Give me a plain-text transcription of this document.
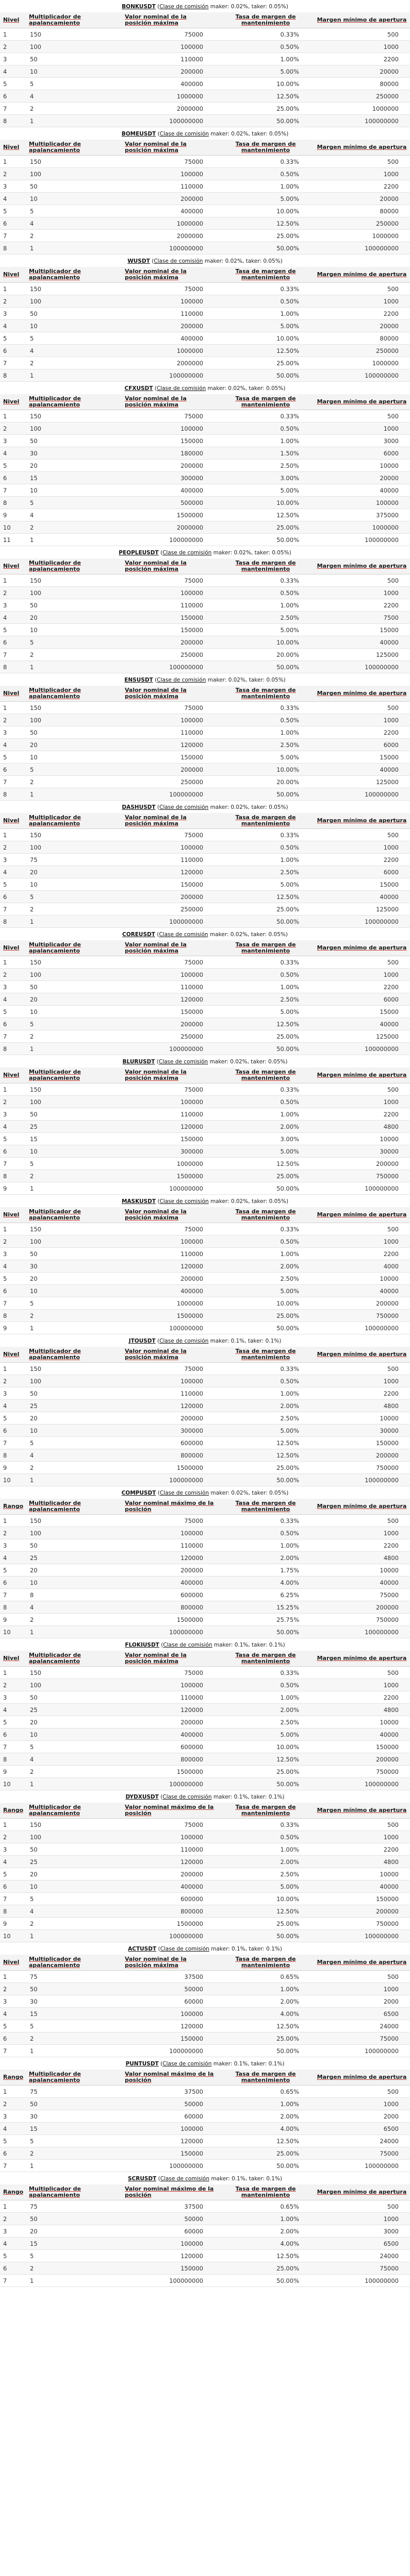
BONKUSDT (Clase de comisión maker: 0.02%, taker: 0.05%)
Nivel	Multiplicador de apalancamiento	Valor nominal de la posición máxima	Tasa de margen de mantenimiento	Margen mínimo de apertura
1	150	75000	0.33%	500
2	100	100000	0.50%	1000
3	50	110000	1.00%	2200
4	10	200000	5.00%	20000
5	5	400000	10.00%	80000
6	4	1000000	12.50%	250000
7	2	2000000	25.00%	1000000
8	1	100000000	50.00%	100000000
BOMEUSDT (Clase de comisión maker: 0.02%, taker: 0.05%)
Nivel	Multiplicador de apalancamiento	Valor nominal de la posición máxima	Tasa de margen de mantenimiento	Margen mínimo de apertura
1	150	75000	0.33%	500
2	100	100000	0.50%	1000
3	50	110000	1.00%	2200
4	10	200000	5.00%	20000
5	5	400000	10.00%	80000
6	4	1000000	12.50%	250000
7	2	2000000	25.00%	1000000
8	1	100000000	50.00%	100000000
WUSDT (Clase de comisión maker: 0.02%, taker: 0.05%)
Nivel	Multiplicador de apalancamiento	Valor nominal de la posición máxima	Tasa de margen de mantenimiento	Margen mínimo de apertura
1	150	75000	0.33%	500
2	100	100000	0.50%	1000
3	50	110000	1.00%	2200
4	10	200000	5.00%	20000
5	5	400000	10.00%	80000
6	4	1000000	12.50%	250000
7	2	2000000	25.00%	1000000
8	1	100000000	50.00%	100000000
CFXUSDT (Clase de comisión maker: 0.02%, taker: 0.05%)
Nivel	Multiplicador de apalancamiento	Valor nominal de la posición máxima	Tasa de margen de mantenimiento	Margen mínimo de apertura
1	150	75000	0.33%	500
2	100	100000	0.50%	1000
3	50	150000	1.00%	3000
4	30	180000	1.50%	6000
5	20	200000	2.50%	10000
6	15	300000	3.00%	20000
7	10	400000	5.00%	40000
8	5	500000	10.00%	100000
9	4	1500000	12.50%	375000
10	2	2000000	25.00%	1000000
11	1	100000000	50.00%	100000000
PEOPLEUSDT (Clase de comisión maker: 0.02%, taker: 0.05%)
Nivel	Multiplicador de apalancamiento	Valor nominal de la posición máxima	Tasa de margen de mantenimiento	Margen mínimo de apertura
1	150	75000	0.33%	500
2	100	100000	0.50%	1000
3	50	110000	1.00%	2200
4	20	150000	2.50%	7500
5	10	150000	5.00%	15000
6	5	200000	10.00%	40000
7	2	250000	20.00%	125000
8	1	100000000	50.00%	100000000
ENSUSDT (Clase de comisión maker: 0.02%, taker: 0.05%)
Nivel	Multiplicador de apalancamiento	Valor nominal de la posición máxima	Tasa de margen de mantenimiento	Margen mínimo de apertura
1	150	75000	0.33%	500
2	100	100000	0.50%	1000
3	50	110000	1.00%	2200
4	20	120000	2.50%	6000
5	10	150000	5.00%	15000
6	5	200000	10.00%	40000
7	2	250000	20.00%	125000
8	1	100000000	50.00%	100000000
DASHUSDT (Clase de comisión maker: 0.02%, taker: 0.05%)
Nivel	Multiplicador de apalancamiento	Valor nominal de la posición máxima	Tasa de margen de mantenimiento	Margen mínimo de apertura
1	150	75000	0.33%	500
2	100	100000	0.50%	1000
3	75	110000	1.00%	2200
4	20	120000	2.50%	6000
5	10	150000	5.00%	15000
6	5	200000	12.50%	40000
7	2	250000	25.00%	125000
8	1	100000000	50.00%	100000000
COREUSDT (Clase de comisión maker: 0.02%, taker: 0.05%)
Nivel	Multiplicador de apalancamiento	Valor nominal de la posición máxima	Tasa de margen de mantenimiento	Margen mínimo de apertura
1	150	75000	0.33%	500
2	100	100000	0.50%	1000
3	50	110000	1.00%	2200
4	20	120000	2.50%	6000
5	10	150000	5.00%	15000
6	5	200000	12.50%	40000
7	2	250000	25.00%	125000
8	1	100000000	50.00%	100000000
BLURUSDT (Clase de comisión maker: 0.02%, taker: 0.05%)
Nivel	Multiplicador de apalancamiento	Valor nominal de la posición máxima	Tasa de margen de mantenimiento	Margen mínimo de apertura
1	150	75000	0.33%	500
2	100	100000	0.50%	1000
3	50	110000	1.00%	2200
4	25	120000	2.00%	4800
5	15	150000	3.00%	10000
6	10	300000	5.00%	30000
7	5	1000000	12.50%	200000
8	2	1500000	25.00%	750000
9	1	100000000	50.00%	100000000
MASKUSDT (Clase de comisión maker: 0.02%, taker: 0.05%)
Nivel	Multiplicador de apalancamiento	Valor nominal de la posición máxima	Tasa de margen de mantenimiento	Margen mínimo de apertura
1	150	75000	0.33%	500
2	100	100000	0.50%	1000
3	50	110000	1.00%	2200
4	30	120000	2.00%	4000
5	20	200000	2.50%	10000
6	10	400000	5.00%	40000
7	5	1000000	10.00%	200000
8	2	1500000	25.00%	750000
9	1	100000000	50.00%	100000000
JTOUSDT (Clase de comisión maker: 0.1%, taker: 0.1%)
Nivel	Multiplicador de apalancamiento	Valor nominal de la posición máxima	Tasa de margen de mantenimiento	Margen mínimo de apertura
1	150	75000	0.33%	500
2	100	100000	0.50%	1000
3	50	110000	1.00%	2200
4	25	120000	2.00%	4800
5	20	200000	2.50%	10000
6	10	300000	5.00%	30000
7	5	600000	12.50%	150000
8	4	800000	12.50%	200000
9	2	1500000	25.00%	750000
10	1	100000000	50.00%	100000000
COMPUSDT (Clase de comisión maker: 0.02%, taker: 0.05%)
Rango	Multiplicador de apalancamiento	Valor nominal máximo de la posición	Tasa de margen de mantenimiento	Margen mínimo de apertura
1	150	75000	0.33%	500
2	100	100000	0.50%	1000
3	50	110000	1.00%	2200
4	25	120000	2.00%	4800
5	20	200000	1.75%	10000
6	10	400000	4.00%	40000
7	8	600000	6.25%	75000
8	4	800000	15.25%	200000
9	2	1500000	25.75%	750000
10	1	100000000	50.00%	100000000
FLOKIUSDT (Clase de comisión maker: 0.1%, taker: 0.1%)
Nivel	Multiplicador de apalancamiento	Valor nominal de la posición máxima	Tasa de margen de mantenimiento	Margen mínimo de apertura
1	150	75000	0.33%	500
2	100	100000	0.50%	1000
3	50	110000	1.00%	2200
4	25	120000	2.00%	4800
5	20	200000	2.50%	10000
6	10	400000	5.00%	40000
7	5	600000	10.00%	150000
8	4	800000	12.50%	200000
9	2	1500000	25.00%	750000
10	1	100000000	50.00%	100000000
DYDXUSDT (Clase de comisión maker: 0.1%, taker: 0.1%)
Rango	Multiplicador de apalancamiento	Valor nominal máximo de la posición	Tasa de margen de mantenimiento	Margen mínimo de apertura
1	150	75000	0.33%	500
2	100	100000	0.50%	1000
3	50	110000	1.00%	2200
4	25	120000	2.00%	4800
5	20	200000	2.50%	10000
6	10	400000	5.00%	40000
7	5	600000	10.00%	150000
8	4	800000	12.50%	200000
9	2	1500000	25.00%	750000
10	1	100000000	50.00%	100000000
ACTUSDT (Clase de comisión maker: 0.1%, taker: 0.1%)
Nivel	Multiplicador de apalancamiento	Valor nominal de la posición máxima	Tasa de margen de mantenimiento	Margen mínimo de apertura
1	75	37500	0.65%	500
2	50	50000	1.00%	1000
3	30	60000	2.00%	2000
4	15	100000	4.00%	6500
5	5	120000	12.50%	24000
6	2	150000	25.00%	75000
7	1	100000000	50.00%	100000000
PUNTUSDT (Clase de comisión maker: 0.1%, taker: 0.1%)
Rango	Multiplicador de apalancamiento	Valor nominal máximo de la posición	Tasa de margen de mantenimiento	Margen mínimo de apertura
1	75	37500	0.65%	500
2	50	50000	1.00%	1000
3	30	60000	2.00%	2000
4	15	100000	4.00%	6500
5	5	120000	12.50%	24000
6	2	150000	25.00%	75000
7	1	100000000	50.00%	100000000
SCRUSDT (Clase de comisión maker: 0.1%, taker: 0.1%)
Rango	Multiplicador de apalancamiento	Valor nominal máximo de la posición	Tasa de margen de mantenimiento	Margen mínimo de apertura
1	75	37500	0.65%	500
2	50	50000	1.00%	1000
3	20	60000	2.00%	3000
4	15	100000	4.00%	6500
5	5	120000	12.50%	24000
6	2	150000	25.00%	75000
7	1	100000000	50.00%	100000000
